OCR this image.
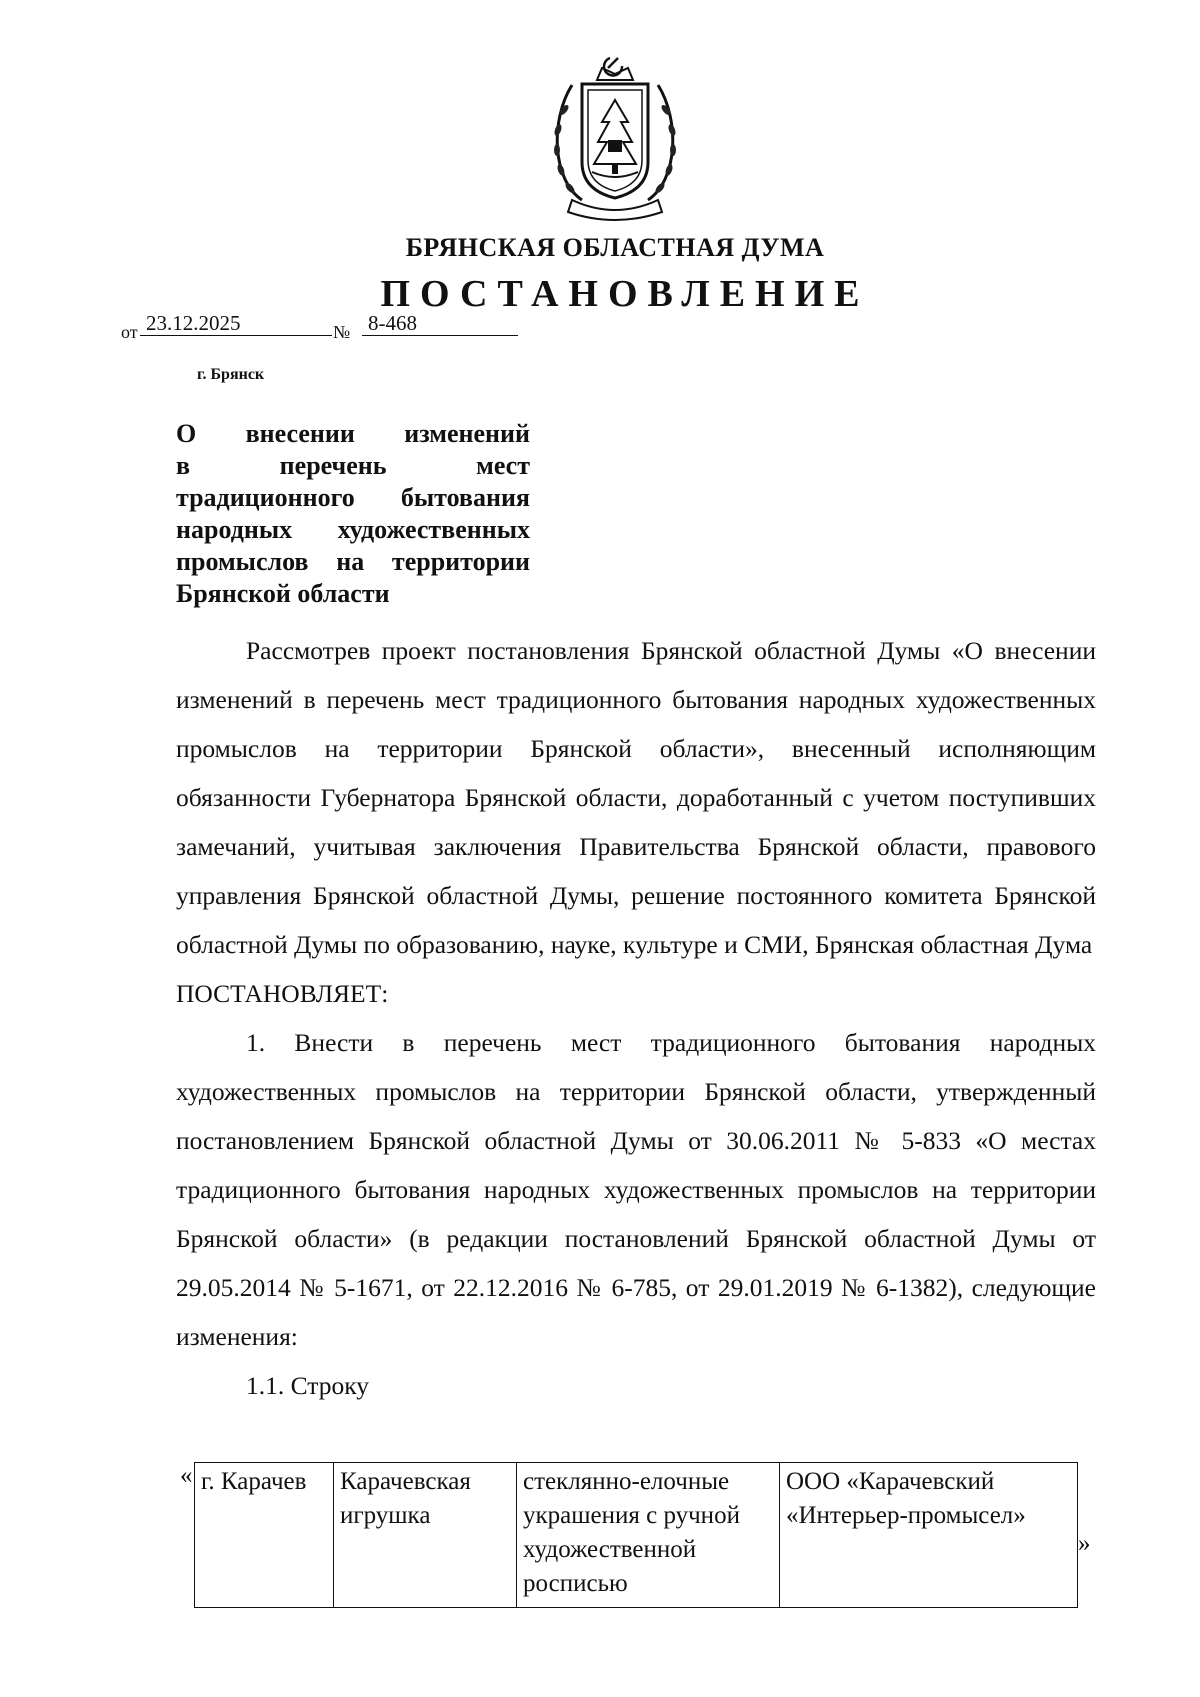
БРЯНСКАЯ ОБЛАСТНАЯ ДУМА
ПОСТАНОВЛЕНИЕ
от 23.12.2025	№ 8-468
г. Брянск
О внесении изменений
в перечень мест
традиционного бытования
народных художественных
промыслов на территории
Брянской области

Рассмотрев проект постановления Брянской областной Думы «О внесении изменений в перечень мест традиционного бытования народных художественных промыслов на территории Брянской области», внесенный исполняющим обязанности Губернатора Брянской области, доработанный с учетом поступивших замечаний, учитывая заключения Правительства Брянской области, правового управления Брянской областной Думы, решение постоянного комитета Брянской областной Думы по образованию, науке, культуре и СМИ, Брянская областная Дума

ПОСТАНОВЛЯЕТ:

1. Внести в перечень мест традиционного бытования народных художественных промыслов на территории Брянской области, утвержденный постановлением Брянской областной Думы от 30.06.2011 № 5-833 «О местах традиционного бытования народных художественных промыслов на территории Брянской области» (в редакции постановлений Брянской областной Думы от 29.05.2014 № 5-1671, от 22.12.2016 № 6-785, от 29.01.2019 № 6-1382), следующие изменения:

1.1. Строку

« г. Карачев	Карачевская игрушка	стеклянно-елочные украшения с ручной художественной росписью	ООО «Карачевский «Интерьер-промысел»
»
